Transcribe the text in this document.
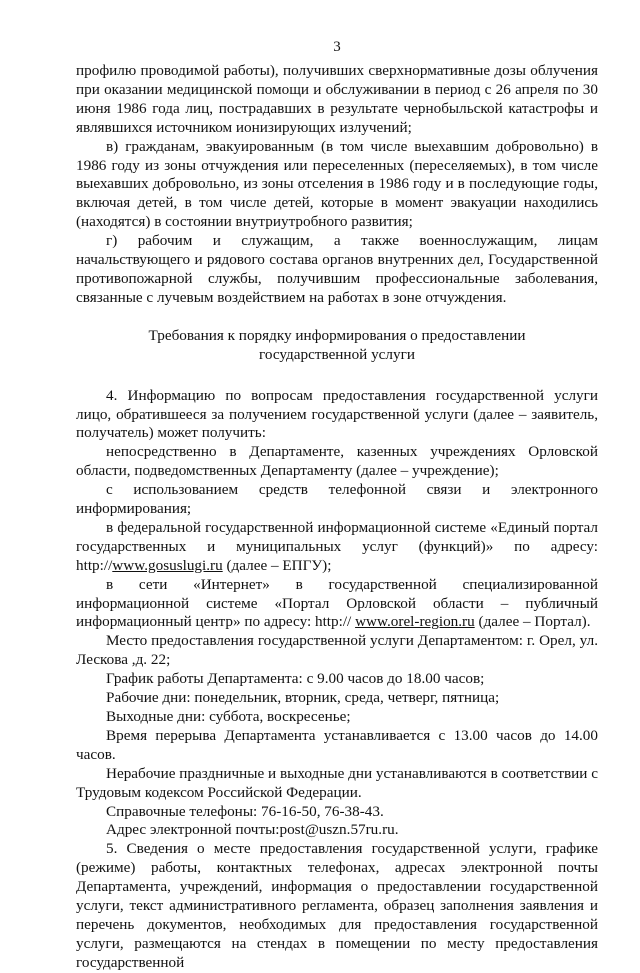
3

профилю проводимой работы), получивших сверхнормативные дозы облучения при оказании медицинской помощи и обслуживании в период с 26 апреля по 30 июня 1986 года лиц, пострадавших в результате чернобыльской катастрофы и являвшихся источником ионизирующих излучений;

в) гражданам, эвакуированным (в том числе выехавшим добровольно) в 1986 году из зоны отчуждения или переселенных (переселяемых), в том числе выехавших добровольно, из зоны отселения в 1986 году и в последующие годы, включая детей, в том числе детей, которые в момент эвакуации находились (находятся) в состоянии внутриутробного развития;

г) рабочим и служащим, а также военнослужащим, лицам начальствующего и рядового состава органов внутренних дел, Государственной противопожарной службы, получившим профессиональные заболевания, связанные с лучевым воздействием на работах в зоне отчуждения.

Требования к порядку информирования о предоставлении
государственной услуги

4. Информацию по вопросам предоставления государственной услуги лицо, обратившееся за получением государственной услуги (далее – заявитель, получатель) может получить:

непосредственно в Департаменте, казенных учреждениях Орловской области, подведомственных Департаменту (далее – учреждение);

с использованием средств телефонной связи и электронного информирования;

в федеральной государственной информационной системе «Единый портал государственных и муниципальных услуг (функций)» по адресу: http://www.gosuslugi.ru (далее – ЕПГУ);

в сети «Интернет» в государственной специализированной информационной системе «Портал Орловской области – публичный информационный центр» по адресу: http:// www.orel-region.ru (далее – Портал).

Место предоставления государственной услуги Департаментом: г. Орел, ул. Лескова ,д. 22;

График работы Департамента: с 9.00 часов до 18.00 часов;

Рабочие дни: понедельник, вторник, среда, четверг, пятница;

Выходные дни: суббота, воскресенье;

Время перерыва Департамента устанавливается с 13.00 часов до 14.00 часов.

Нерабочие праздничные и выходные дни устанавливаются в соответствии с Трудовым кодексом Российской Федерации.

Справочные телефоны: 76-16-50, 76-38-43.

Адрес электронной почты:post@uszn.57ru.ru.

5. Сведения о месте предоставления государственной услуги, графике (режиме) работы, контактных телефонах, адресах электронной почты Департамента, учреждений, информация о предоставлении государственной услуги, текст административного регламента, образец заполнения заявления и перечень документов, необходимых для предоставления государственной услуги, размещаются на стендах в помещении по месту предоставления государственной
